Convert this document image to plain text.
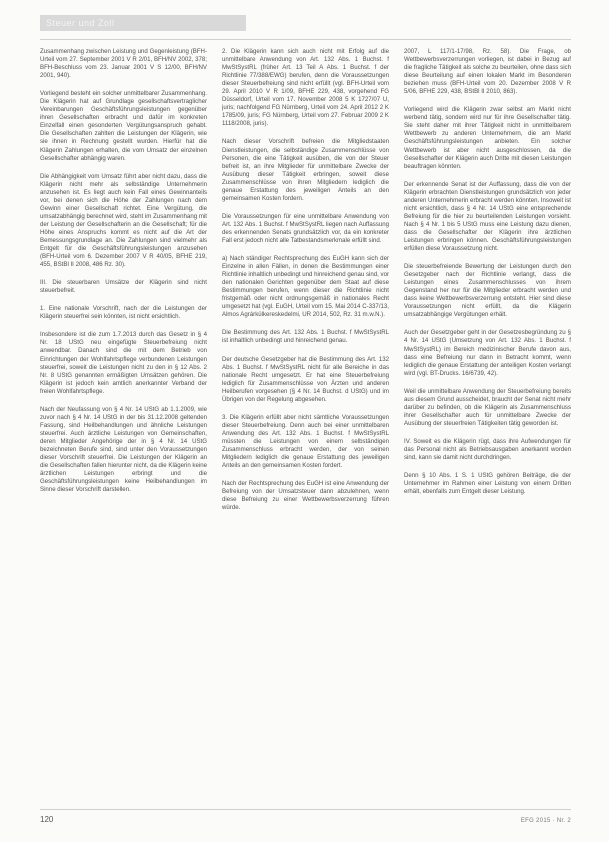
Steuer und Zoll

Zusammenhang zwischen Leistung und Gegenleistung (BFH-Urteil vom 27. September 2001 V R 2/01, BFH/NV 2002, 378; BFH-Beschluss vom 23. Januar 2001 V S 12/00, BFH/NV 2001, 940).

Vorliegend besteht ein solcher unmittelbarer Zusammenhang. Die Klägerin hat auf Grundlage gesellschaftsvertraglicher Vereinbarungen Geschäftsführungsleistungen gegenüber ihren Gesellschaften erbracht und dafür im konkreten Einzelfall einen gesonderten Vergütungsanspruch gehabt. Die Gesellschaften zahlten die Leistungen der Klägerin, wie sie ihnen in Rechnung gestellt wurden. Hierfür hat die Klägerin Zahlungen erhalten, die vom Umsatz der einzelnen Gesellschafter abhängig waren.

Die Abhängigkeit vom Umsatz führt aber nicht dazu, dass die Klägerin nicht mehr als selbständige Unternehmerin anzusehen ist. Es liegt auch kein Fall eines Gewinnanteils vor, bei denen sich die Höhe der Zahlungen nach dem Gewinn einer Gesellschaft richtet. Eine Vergütung, die umsatzabhängig berechnet wird, steht im Zusammenhang mit der Leistung der Gesellschafterin an die Gesellschaft; für die Höhe eines Anspruchs kommt es nicht auf die Art der Bemessungsgrundlage an. Die Zahlungen sind vielmehr als Entgelt für die Geschäftsführungsleistungen anzusehen (BFH-Urteil vom 6. Dezember 2007 V R 40/05, BFHE 219, 455, BStBl II 2008, 486 Rz. 30).

III. Die steuerbaren Umsätze der Klägerin sind nicht steuerbefreit.

1. Eine nationale Vorschrift, nach der die Leistungen der Klägerin steuerfrei sein könnten, ist nicht ersichtlich.

Insbesondere ist die zum 1.7.2013 durch das Gesetz in § 4 Nr. 18 UStG neu eingefügte Steuerbefreiung nicht anwendbar. Danach sind die mit dem Betrieb von Einrichtungen der Wohlfahrtspflege verbundenen Leistungen steuerfrei, soweit die Leistungen nicht zu den in § 12 Abs. 2 Nr. 8 UStG genannten ermäßigten Umsätzen gehören. Die Klägerin ist jedoch kein amtlich anerkannter Verband der freien Wohlfahrtspflege.

Nach der Neufassung von § 4 Nr. 14 UStG ab 1.1.2009, wie zuvor nach § 4 Nr. 14 UStG in der bis 31.12.2008 geltenden Fassung, sind Heilbehandlungen und ähnliche Leistungen steuerfrei. Auch ärztliche Leistungen von Gemeinschaften, deren Mitglieder Angehörige der in § 4 Nr. 14 UStG bezeichneten Berufe sind, sind unter den Voraussetzungen dieser Vorschrift steuerfrei. Die Leistungen der Klägerin an die Gesellschaften fallen hierunter nicht, da die Klägerin keine ärztlichen Leistungen erbringt und die Geschäftsführungsleistungen keine Heilbehandlungen im Sinne dieser Vorschrift darstellen.

2. Die Klägerin kann sich auch nicht mit Erfolg auf die unmittelbare Anwendung von Art. 132 Abs. 1 Buchst. f MwStSystRL (früher Art. 13 Teil A Abs. 1 Buchst. f der Richtlinie 77/388/EWG) berufen, denn die Voraussetzungen dieser Steuerbefreiung sind nicht erfüllt (vgl. BFH-Urteil vom 29. April 2010 V R 1/09, BFHE 229, 438, vorgehend FG Düsseldorf, Urteil vom 17. November 2008 5 K 1727/07 U, juris; nachfolgend FG Nürnberg, Urteil vom 24. April 2012 2 K 1785/09, juris; FG Nürnberg, Urteil vom 27. Februar 2009 2 K 1118/2008, juris).

Nach dieser Vorschrift befreien die Mitgliedstaaten Dienstleistungen, die selbständige Zusammenschlüsse von Personen, die eine Tätigkeit ausüben, die von der Steuer befreit ist, an ihre Mitglieder für unmittelbare Zwecke der Ausübung dieser Tätigkeit erbringen, soweit diese Zusammenschlüsse von ihren Mitgliedern lediglich die genaue Erstattung des jeweiligen Anteils an den gemeinsamen Kosten fordern.

Die Voraussetzungen für eine unmittelbare Anwendung von Art. 132 Abs. 1 Buchst. f MwStSystRL liegen nach Auffassung des erkennenden Senats grundsätzlich vor, da ein konkreter Fall erst jedoch nicht alle Tatbestandsmerkmale erfüllt sind.

a) Nach ständiger Rechtsprechung des EuGH kann sich der Einzelne in allen Fällen, in denen die Bestimmungen einer Richtlinie inhaltlich unbedingt und hinreichend genau sind, vor den nationalen Gerichten gegenüber dem Staat auf diese Bestimmungen berufen, wenn dieser die Richtlinie nicht fristgemäß oder nicht ordnungsgemäß in nationales Recht umgesetzt hat (vgl. EuGH, Urteil vom 15. Mai 2014 C-337/13, Almos Agrárkülkereskedelmi, UR 2014, 502, Rz. 31 m.w.N.).

Die Bestimmung des Art. 132 Abs. 1 Buchst. f MwStSystRL ist inhaltlich unbedingt und hinreichend genau.

Der deutsche Gesetzgeber hat die Bestimmung des Art. 132 Abs. 1 Buchst. f MwStSystRL nicht für alle Bereiche in das nationale Recht umgesetzt. Er hat eine Steuerbefreiung lediglich für Zusammenschlüsse von Ärzten und anderen Heilberufen vorgesehen (§ 4 Nr. 14 Buchst. d UStG) und im Übrigen von der Regelung abgesehen.

3. Die Klägerin erfüllt aber nicht sämtliche Voraussetzungen dieser Steuerbefreiung. Denn auch bei einer unmittelbaren Anwendung des Art. 132 Abs. 1 Buchst. f MwStSystRL müssten die Leistungen von einem selbständigen Zusammenschluss erbracht werden, der von seinen Mitgliedern lediglich die genaue Erstattung des jeweiligen Anteils an den gemeinsamen Kosten fordert.

Nach der Rechtsprechung des EuGH ist eine Anwendung der Befreiung von der Umsatzsteuer dann abzulehnen, wenn diese Befreiung zu einer Wettbewerbsverzerrung führen würde.

2007, L 117/1-17/98, Rz. 58). Die Frage, ob Wettbewerbsverzerrungen vorliegen, ist dabei in Bezug auf die fragliche Tätigkeit als solche zu beurteilen, ohne dass sich diese Beurteilung auf einen lokalen Markt im Besonderen beziehen muss (BFH-Urteil vom 20. Dezember 2008 V R 5/06, BFHE 229, 438, BStBl II 2010, 863).

Vorliegend wird die Klägerin zwar selbst am Markt nicht werbend tätig, sondern wird nur für ihre Gesellschafter tätig. Sie steht daher mit ihrer Tätigkeit nicht in unmittelbarem Wettbewerb zu anderen Unternehmern, die am Markt Geschäftsführungsleistungen anbieten. Ein solcher Wettbewerb ist aber nicht ausgeschlossen, da die Gesellschafter der Klägerin auch Dritte mit diesen Leistungen beauftragen könnten.

Der erkennende Senat ist der Auffassung, dass die von der Klägerin erbrachten Dienstleistungen grundsätzlich von jeder anderen Unternehmerin erbracht werden könnten. Insoweit ist nicht ersichtlich, dass § 4 Nr. 14 UStG eine entsprechende Befreiung für die hier zu beurteilenden Leistungen vorsieht. Nach § 4 Nr. 1 bis 5 UStG muss eine Leistung dazu dienen, dass die Gesellschafter der Klägerin ihre ärztlichen Leistungen erbringen können. Geschäftsführungsleistungen erfüllen diese Voraussetzung nicht.

Die steuerbefreiende Bewertung der Leistungen durch den Gesetzgeber nach der Richtlinie verlangt, dass die Leistungen eines Zusammenschlusses von ihrem Gegenstand her nur für die Mitglieder erbracht werden und dass keine Wettbewerbsverzerrung entsteht. Hier sind diese Voraussetzungen nicht erfüllt, da die Klägerin umsatzabhängige Vergütungen erhält.

Auch der Gesetzgeber geht in der Gesetzesbegründung zu § 4 Nr. 14 UStG (Umsetzung von Art. 132 Abs. 1 Buchst. f MwStSystRL) im Bereich medizinischer Berufe davon aus, dass eine Befreiung nur dann in Betracht kommt, wenn lediglich die genaue Erstattung der anteiligen Kosten verlangt wird (vgl. BT-Drucks. 16/6739, 42).

Weil die unmittelbare Anwendung der Steuerbefreiung bereits aus diesem Grund ausscheidet, braucht der Senat nicht mehr darüber zu befinden, ob die Klägerin als Zusammenschluss ihrer Gesellschafter auch für unmittelbare Zwecke der Ausübung der steuerfreien Tätigkeiten tätig geworden ist.

IV. Soweit es die Klägerin rügt, dass ihre Aufwendungen für das Personal nicht als Betriebsausgaben anerkannt worden sind, kann sie damit nicht durchdringen.

Denn § 10 Abs. 1 S. 1 UStG gehören Beiträge, die der Unternehmer im Rahmen einer Leistung von einem Dritten erhält, ebenfalls zum Entgelt dieser Leistung.

120	EFG 2015 · Nr. 2
